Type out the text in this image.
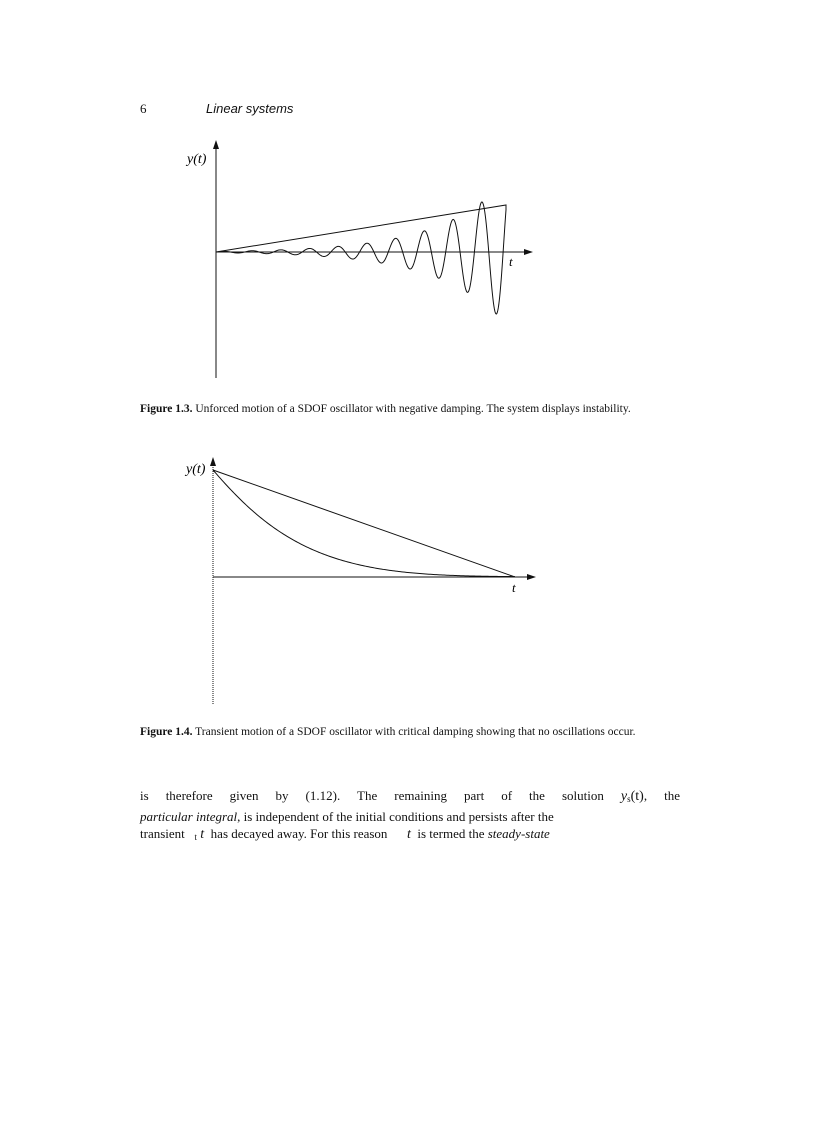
6	Linear systems
y(t)
t
Figure 1.3. Unforced motion of a SDOF oscillator with negative damping. The system displays instability.
y(t)
t
Figure 1.4. Transient motion of a SDOF oscillator with critical damping showing that no oscillations occur.
is therefore given by (1.12). The remaining part of the solution $y_s(t)$, the
particular integral, is independent of the initial conditions and persists after the
transient $_t$ t has decayed away. For this reason t is termed the steady-state
